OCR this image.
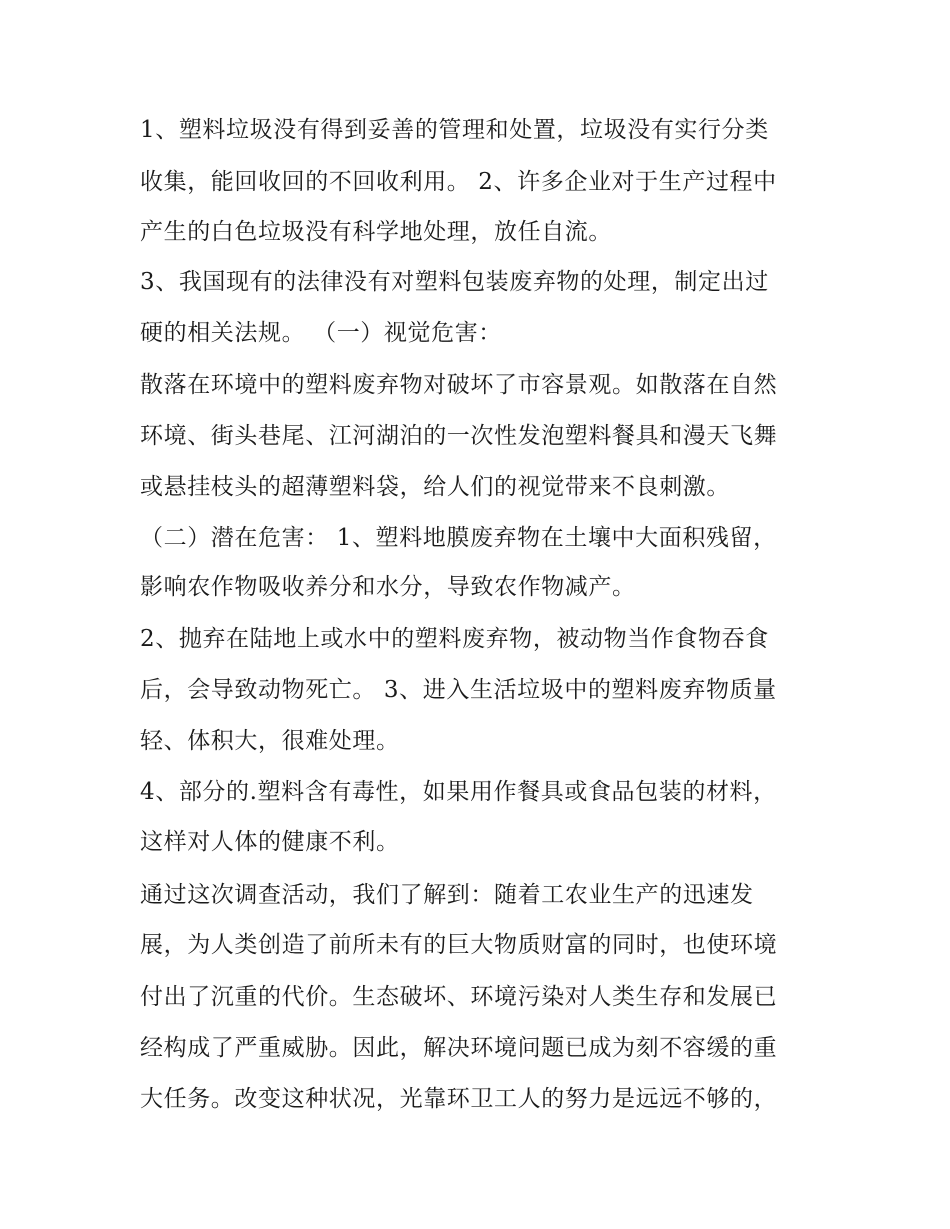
1、塑料垃圾没有得到妥善的管理和处置，垃圾没有实行分类
收集，能回收回的不回收利用。 2、许多企业对于生产过程中
产生的白色垃圾没有科学地处理，放任自流。
3、我国现有的法律没有对塑料包装废弃物的处理，制定出过
硬的相关法规。 （一）视觉危害：
散落在环境中的塑料废弃物对破坏了市容景观。如散落在自然
环境、街头巷尾、江河湖泊的一次性发泡塑料餐具和漫天飞舞
或悬挂枝头的超薄塑料袋，给人们的视觉带来不良刺激。
（二）潜在危害： 1、塑料地膜废弃物在土壤中大面积残留，
影响农作物吸收养分和水分，导致农作物减产。
2、抛弃在陆地上或水中的塑料废弃物，被动物当作食物吞食
后，会导致动物死亡。 3、进入生活垃圾中的塑料废弃物质量
轻、体积大，很难处理。
4、部分的.塑料含有毒性，如果用作餐具或食品包装的材料，
这样对人体的健康不利。
通过这次调查活动，我们了解到：随着工农业生产的迅速发
展，为人类创造了前所未有的巨大物质财富的同时，也使环境
付出了沉重的代价。生态破坏、环境污染对人类生存和发展已
经构成了严重威胁。因此，解决环境问题已成为刻不容缓的重
大任务。改变这种状况，光靠环卫工人的努力是远远不够的，
